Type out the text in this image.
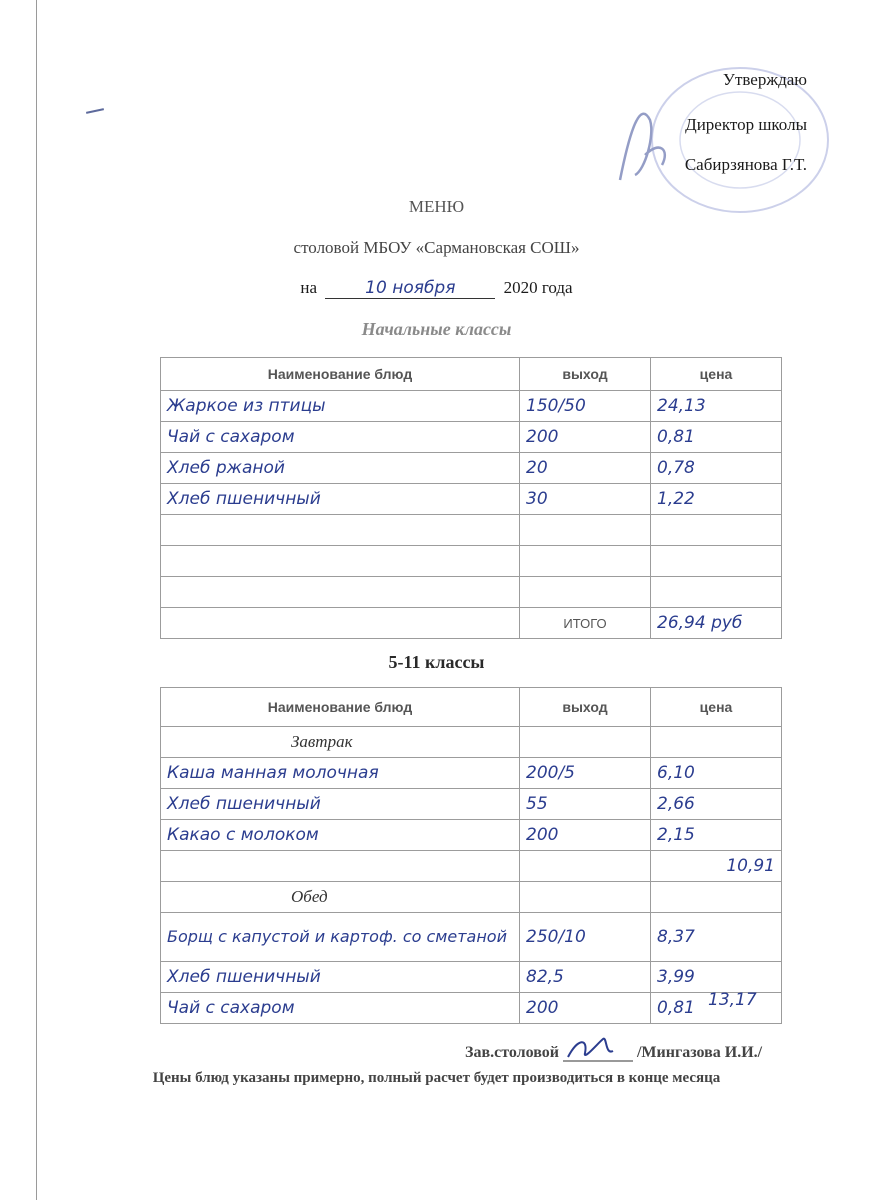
Утверждаю
Директор школы
Сабирзянова Г.Т.
МЕНЮ
столовой МБОУ «Сармановская СОШ»
на	10 ноября	2020 года
Начальные классы
Наименование блюд	выход	цена
Жаркое из птицы	150/50	24,13
Чай с сахаром	200	0,81
Хлеб ржаной	20	0,78
Хлеб пшеничный	30	1,22

	ИТОГО	26,94 руб
5-11 классы
Наименование блюд	выход	цена
Завтрак		
Каша манная молочная	200/5	6,10
Хлеб пшеничный	55	2,66
Какао с молоком	200	2,15
		10,91
Обед		
Борщ с капустой и картоф. со сметаной	250/10	8,37
Хлеб пшеничный	82,5	3,99
Чай с сахаром	200	0,81 13,17
Зав.столовой	/Мингазова И.И./
Цены блюд указаны примерно, полный расчет будет производиться в конце месяца
